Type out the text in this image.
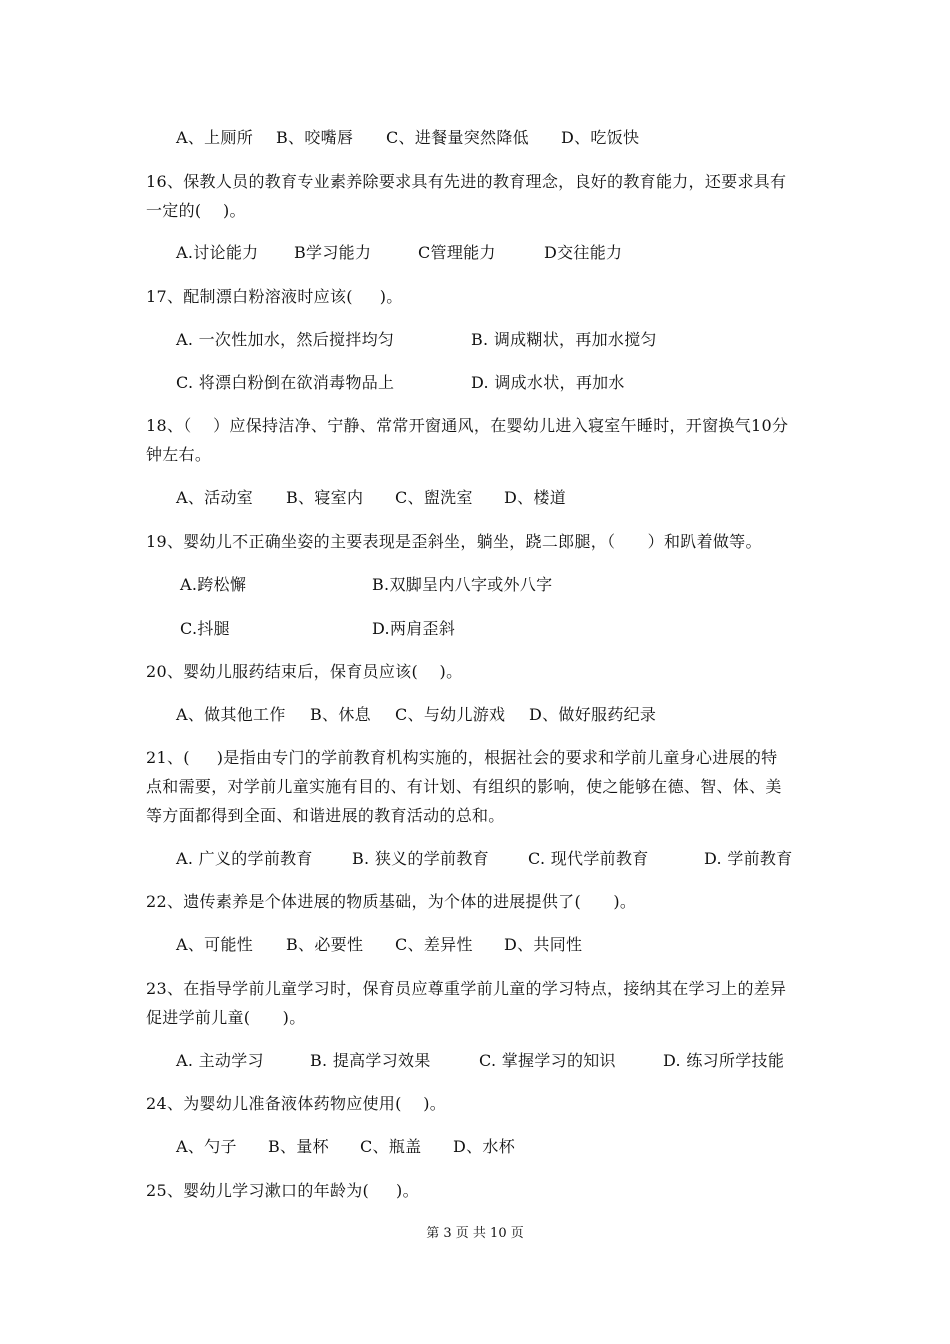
A、上厕所 B、咬嘴唇 C、进餐量突然降低 D、吃饭快
16、保教人员的教育专业素养除要求具有先进的教育理念，良好的教育能力，还要求具有
一定的(    )。
A.讨论能力 B学习能力	C管理能力	D交往能力
17、配制漂白粉溶液时应该(     )。
A. 一次性加水，然后搅拌均匀	B. 调成糊状，再加水搅匀
C. 将漂白粉倒在欲消毒物品上	D. 调成水状，再加水
18、（    ）应保持洁净、宁静、常常开窗通风，在婴幼儿进入寝室午睡时，开窗换气10分
钟左右。
A、活动室 B、寝室内 C、盥洗室 D、楼道
19、婴幼儿不正确坐姿的主要表现是歪斜坐，躺坐，跷二郎腿，（      ）和趴着做等。
A.跨松懈	B.双脚呈内八字或外八字
C.抖腿	D.两肩歪斜
20、婴幼儿服药结束后，保育员应该(    )。
A、做其他工作 B、休息 C、与幼儿游戏 D、做好服药纪录
21、(     )是指由专门的学前教育机构实施的，根据社会的要求和学前儿童身心进展的特
点和需要，对学前儿童实施有目的、有计划、有组织的影响，使之能够在德、智、体、美
等方面都得到全面、和谐进展的教育活动的总和。
A. 广义的学前教育 B. 狭义的学前教育 C. 现代学前教育	D. 学前教育
22、遗传素养是个体进展的物质基础，为个体的进展提供了(      )。
A、可能性 B、必要性 C、差异性 D、共同性
23、在指导学前儿童学习时，保育员应尊重学前儿童的学习特点，接纳其在学习上的差异
促进学前儿童(      )。
A. 主动学习	B. 提高学习效果	C. 掌握学习的知识	D. 练习所学技能
24、为婴幼儿准备液体药物应使用(    )。
A、勺子 B、量杯 C、瓶盖 D、水杯
25、婴幼儿学习漱口的年龄为(     )。
第 3 页 共 10 页
